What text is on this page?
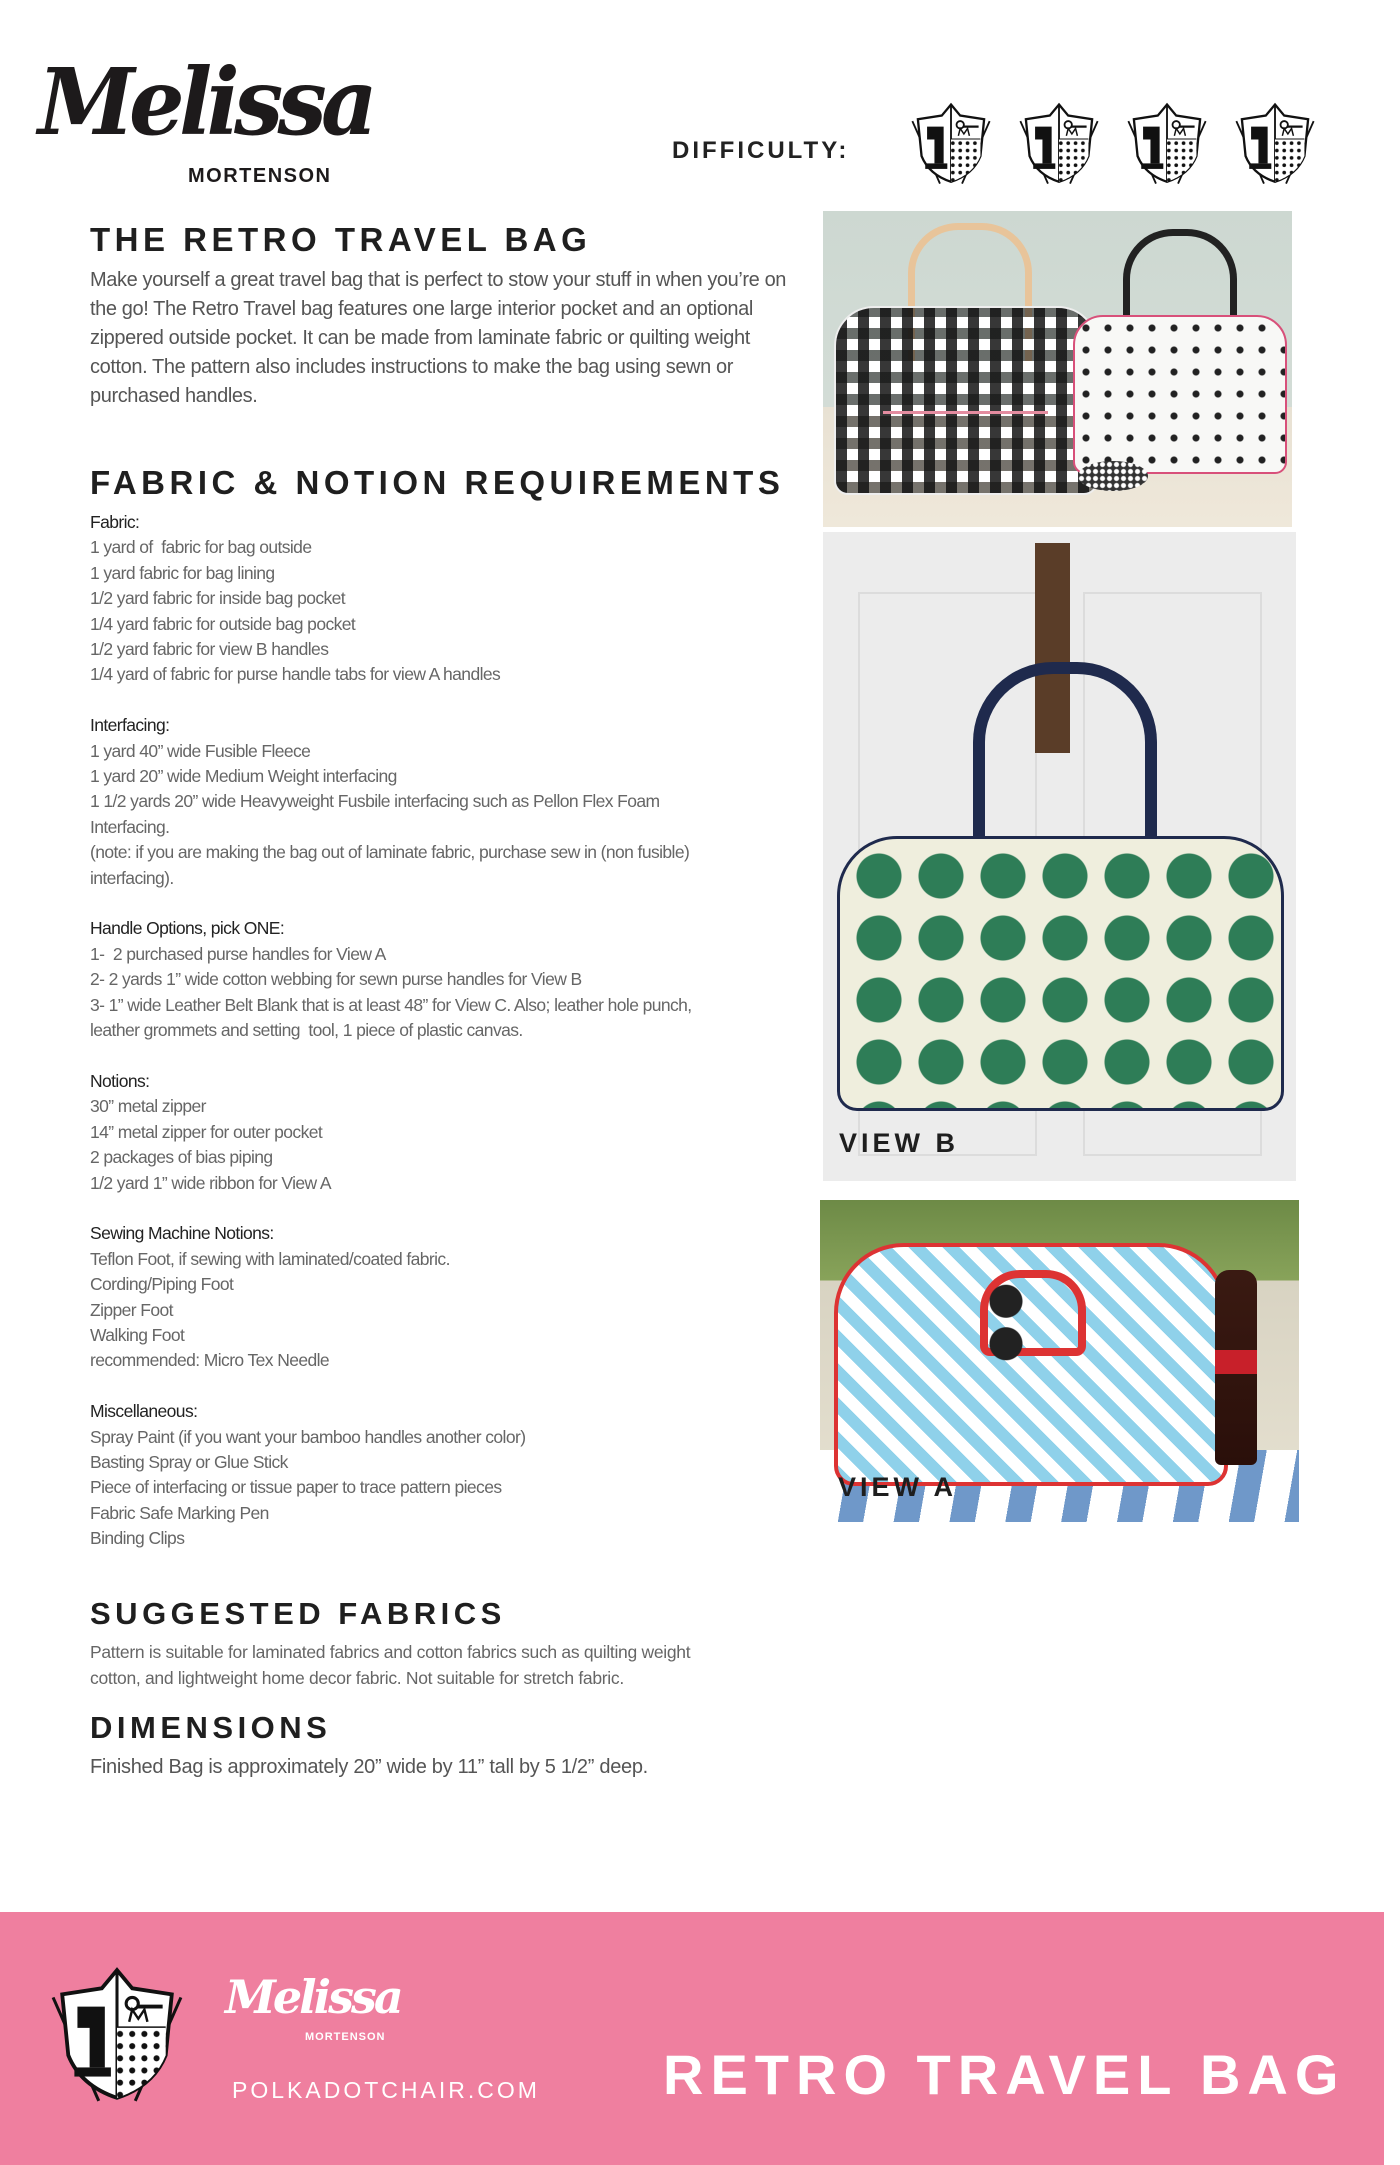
Melissa
MORTENSON
DIFFICULTY:
THE RETRO TRAVEL BAG

Make yourself a great travel bag that is perfect to stow your stuff in when you’re on the go! The Retro Travel bag features one large interior pocket and an optional zippered outside pocket. It can be made from laminate fabric or quilting weight cotton. The pattern also includes instructions to make the bag using sewn or purchased handles.

FABRIC & NOTION REQUIREMENTS
Fabric:
1 yard of  fabric for bag outside
1 yard fabric for bag lining
1/2 yard fabric for inside bag pocket
1/4 yard fabric for outside bag pocket
1/2 yard fabric for view B handles
1/4 yard of fabric for purse handle tabs for view A handles
Interfacing:
1 yard 40” wide Fusible Fleece
1 yard 20” wide Medium Weight interfacing
1 1/2 yards 20” wide Heavyweight Fusbile interfacing such as Pellon Flex Foam
Interfacing.
(note: if you are making the bag out of laminate fabric, purchase sew in (non fusible)
interfacing).
Handle Options, pick ONE:
1-  2 purchased purse handles for View A
2- 2 yards 1” wide cotton webbing for sewn purse handles for View B
3- 1” wide Leather Belt Blank that is at least 48” for View C. Also; leather hole punch,
leather grommets and setting  tool, 1 piece of plastic canvas.
Notions:
30” metal zipper
14” metal zipper for outer pocket
2 packages of bias piping
1/2 yard 1” wide ribbon for View A
Sewing Machine Notions:
Teflon Foot, if sewing with laminated/coated fabric.
Cording/Piping Foot
Zipper Foot
Walking Foot
recommended: Micro Tex Needle
Miscellaneous:
Spray Paint (if you want your bamboo handles another color)
Basting Spray or Glue Stick
Piece of interfacing or tissue paper to trace pattern pieces
Fabric Safe Marking Pen
Binding Clips
SUGGESTED FABRICS

Pattern is suitable for laminated fabrics and cotton fabrics such as quilting weight
cotton, and lightweight home decor fabric. Not suitable for stretch fabric.

DIMENSIONS

Finished Bag is approximately 20” wide by 11” tall by 5 1/2” deep.

VIEW B
VIEW A
Melissa
MORTENSON
POLKADOTCHAIR.COM RETRO TRAVEL BAG
